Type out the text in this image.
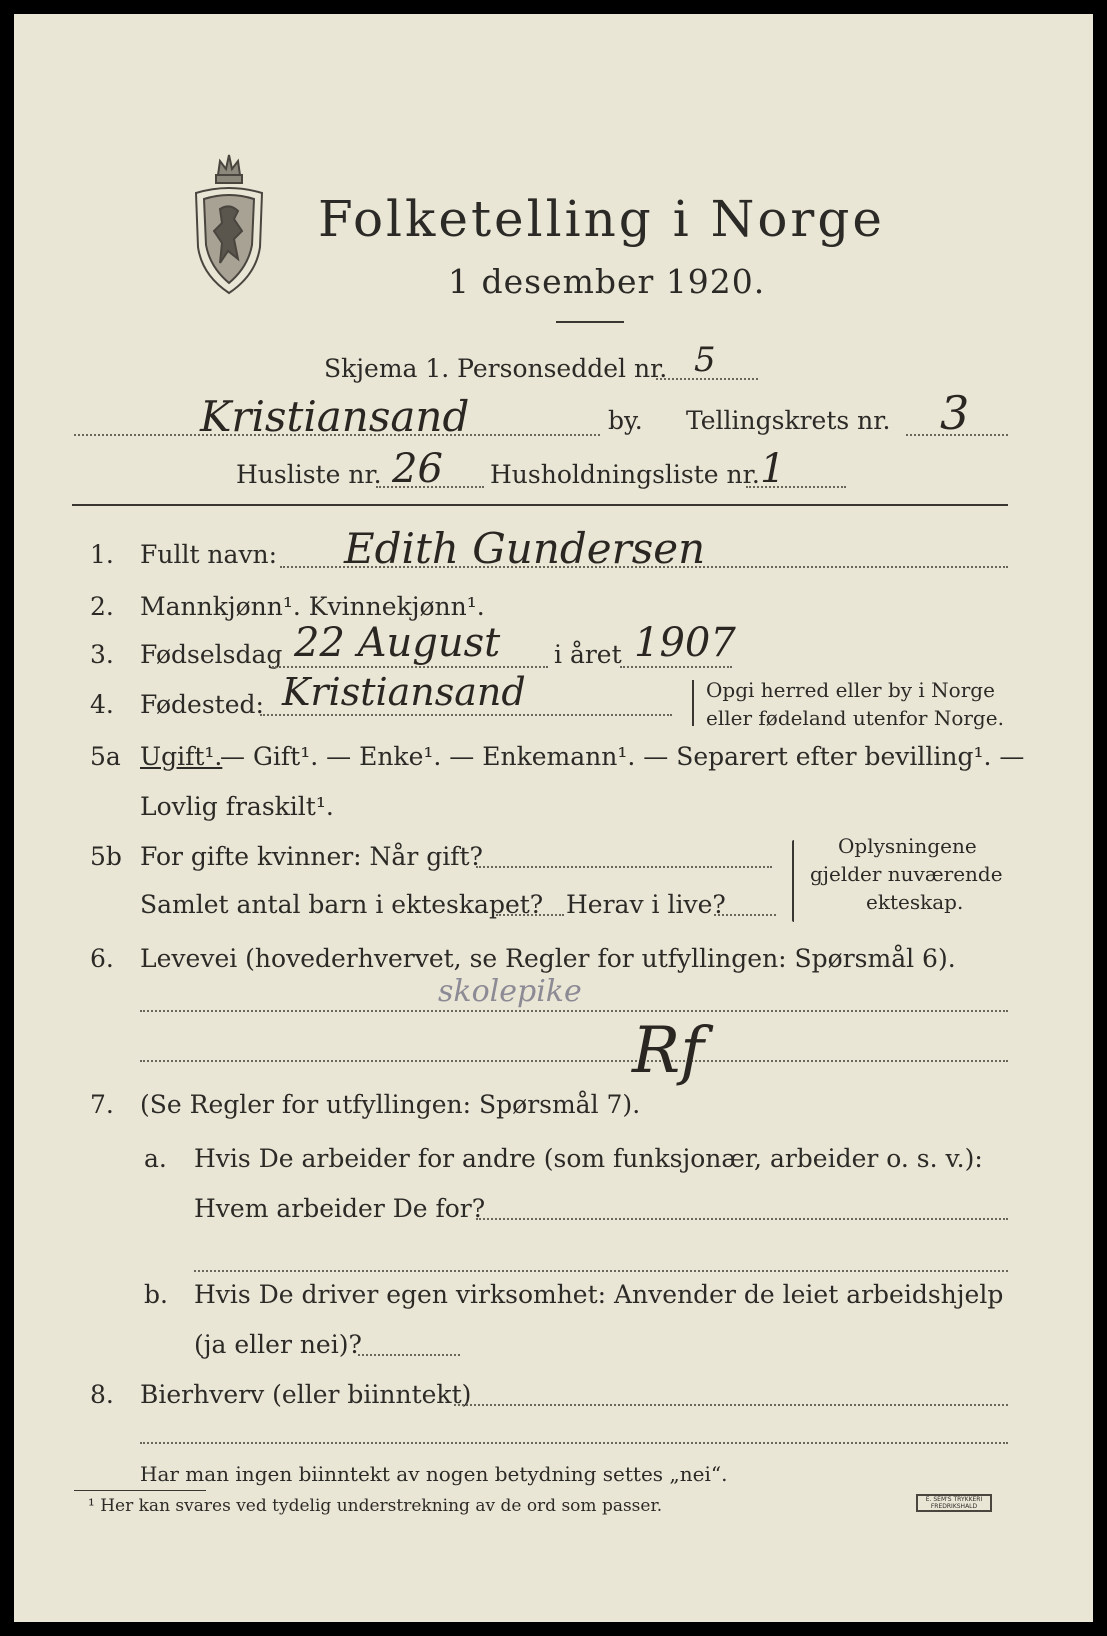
Folketelling i Norge
1 desember 1920.
Skjema 1. Personseddel nr. 5
Kristiansand	by. Tellingskrets nr. 3
Husliste nr. 26 Husholdningsliste nr. 1
1. Fullt navn: Edith Gundersen
2. Mannkjønn¹. Kvinnekjønn¹.
3. Fødselsdag 22 August i året 1907
4. Fødested: Kristiansand	Opgi herred eller by i Norge
eller fødeland utenfor Norge.
5a Ugift¹.
— Gift¹. — Enke¹. — Enkemann¹. — Separert efter bevilling¹. —
Lovlig fraskilt¹.
5b For gifte kvinner: Når gift?
Samlet antal barn i ekteskapet? Herav i live?
Oplysningene
gjelder nuværende
ekteskap.
6. Levevei (hovederhvervet, se Regler for utfyllingen: Spørsmål 6).
skolepike
Rf
7. (Se Regler for utfyllingen: Spørsmål 7).
a. Hvis De arbeider for andre (som funksjonær, arbeider o. s. v.):
Hvem arbeider De for?
b. Hvis De driver egen virksomhet: Anvender de leiet arbeidshjelp
(ja eller nei)?
8. Bierhverv (eller biinntekt)
Har man ingen biinntekt av nogen betydning settes „nei“.
¹ Her kan svares ved tydelig understrekning av de ord som passer.	E. SEM'S TRYKKERI FREDRIKSHALD
